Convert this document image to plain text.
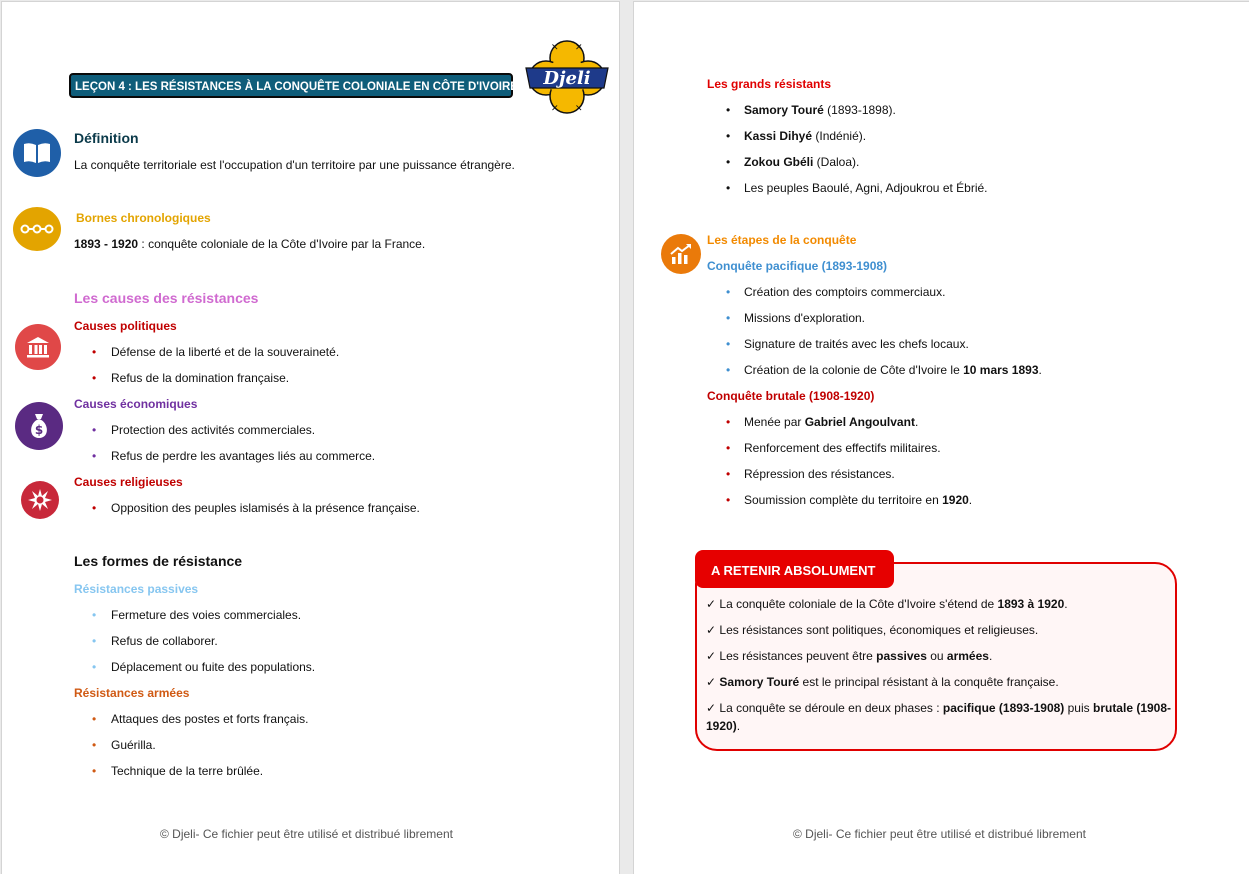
LEÇON 4 : LES RÉSISTANCES À LA CONQUÊTE COLONIALE EN CÔTE D'IVOIRE
✕ ✕
✕ ✕
Djeli
Définition
La conquête territoriale est l'occupation d'un territoire par une puissance étrangère.
Bornes chronologiques
1893 - 1920 : conquête coloniale de la Côte d'Ivoire par la France.
Les causes des résistances
Causes politiques
• Défense de la liberté et de la souveraineté.
• Refus de la domination française.
$
Causes économiques
• Protection des activités commerciales.
• Refus de perdre les avantages liés au commerce.
Causes religieuses
• Opposition des peuples islamisés à la présence française.
Les formes de résistance
Résistances passives
• Fermeture des voies commerciales.
• Refus de collaborer.
• Déplacement ou fuite des populations.
Résistances armées
• Attaques des postes et forts français.
• Guérilla.
• Technique de la terre brûlée.
© Djeli- Ce fichier peut être utilisé et distribué librement
Les grands résistants
• Samory Touré (1893-1898).
• Kassi Dihyé (Indénié).
• Zokou Gbéli (Daloa).
• Les peuples Baoulé, Agni, Adjoukrou et Ébrié.
Les étapes de la conquête
Conquête pacifique (1893-1908)
• Création des comptoirs commerciaux.
• Missions d'exploration.
• Signature de traités avec les chefs locaux.
• Création de la colonie de Côte d'Ivoire le 10 mars 1893.
Conquête brutale (1908-1920)
• Menée par Gabriel Angoulvant.
• Renforcement des effectifs militaires.
• Répression des résistances.
• Soumission complète du territoire en 1920.
A RETENIR ABSOLUMENT
✓ La conquête coloniale de la Côte d'Ivoire s'étend de 1893 à 1920.
✓ Les résistances sont politiques, économiques et religieuses.
✓ Les résistances peuvent être passives ou armées.
✓ Samory Touré est le principal résistant à la conquête française.
✓ La conquête se déroule en deux phases : pacifique (1893-1908) puis brutale (1908-
1920).
© Djeli- Ce fichier peut être utilisé et distribué librement
